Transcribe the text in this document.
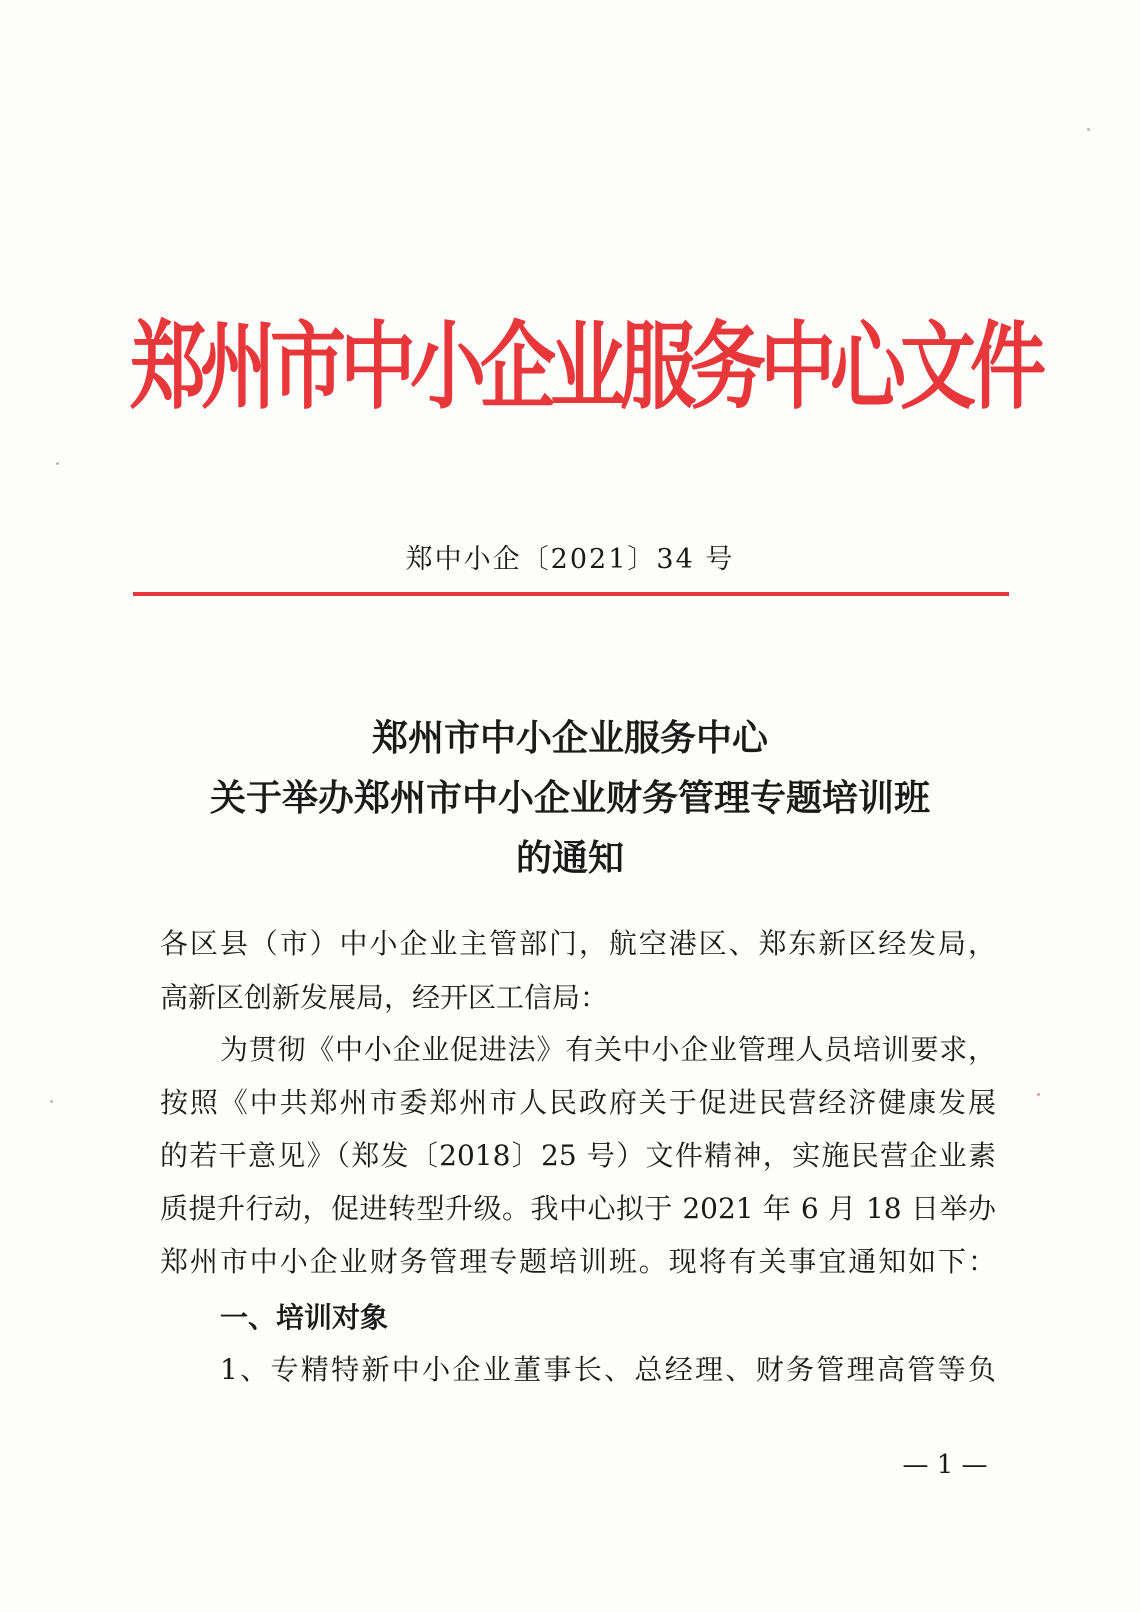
郑州市中小企业服务中心文件
郑中小企〔2021〕34 号
郑州市中小企业服务中心
关于举办郑州市中小企业财务管理专题培训班
的通知
各区县（市）中小企业主管部门，航空港区、郑东新区经发局，
高新区创新发展局，经开区工信局：
为贯彻《中小企业促进法》有关中小企业管理人员培训要求，
按照《中共郑州市委郑州市人民政府关于促进民营经济健康发展
的若干意见》（郑发〔2018〕25 号）文件精神，实施民营企业素
质提升行动，促进转型升级。我中心拟于 2021 年 6 月 18 日举办
郑州市中小企业财务管理专题培训班。现将有关事宜通知如下：
一、培训对象
1、专精特新中小企业董事长、总经理、财务管理高管等负
— 1 —
